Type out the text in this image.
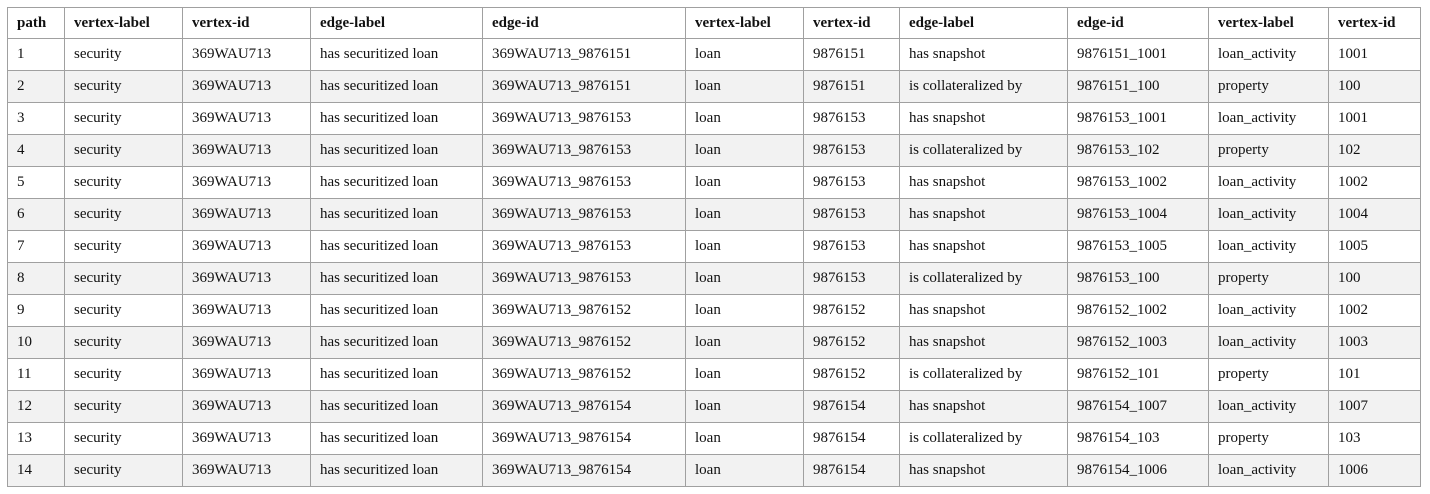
path	vertex-label	vertex-id	edge-label	edge-id	vertex-label	vertex-id	edge-label	edge-id	vertex-label	vertex-id
1	security	369WAU713	has securitized loan	369WAU713_9876151	loan	9876151	has snapshot	9876151_1001	loan_activity	1001
2	security	369WAU713	has securitized loan	369WAU713_9876151	loan	9876151	is collateralized by	9876151_100	property	100
3	security	369WAU713	has securitized loan	369WAU713_9876153	loan	9876153	has snapshot	9876153_1001	loan_activity	1001
4	security	369WAU713	has securitized loan	369WAU713_9876153	loan	9876153	is collateralized by	9876153_102	property	102
5	security	369WAU713	has securitized loan	369WAU713_9876153	loan	9876153	has snapshot	9876153_1002	loan_activity	1002
6	security	369WAU713	has securitized loan	369WAU713_9876153	loan	9876153	has snapshot	9876153_1004	loan_activity	1004
7	security	369WAU713	has securitized loan	369WAU713_9876153	loan	9876153	has snapshot	9876153_1005	loan_activity	1005
8	security	369WAU713	has securitized loan	369WAU713_9876153	loan	9876153	is collateralized by	9876153_100	property	100
9	security	369WAU713	has securitized loan	369WAU713_9876152	loan	9876152	has snapshot	9876152_1002	loan_activity	1002
10	security	369WAU713	has securitized loan	369WAU713_9876152	loan	9876152	has snapshot	9876152_1003	loan_activity	1003
11	security	369WAU713	has securitized loan	369WAU713_9876152	loan	9876152	is collateralized by	9876152_101	property	101
12	security	369WAU713	has securitized loan	369WAU713_9876154	loan	9876154	has snapshot	9876154_1007	loan_activity	1007
13	security	369WAU713	has securitized loan	369WAU713_9876154	loan	9876154	is collateralized by	9876154_103	property	103
14	security	369WAU713	has securitized loan	369WAU713_9876154	loan	9876154	has snapshot	9876154_1006	loan_activity	1006
